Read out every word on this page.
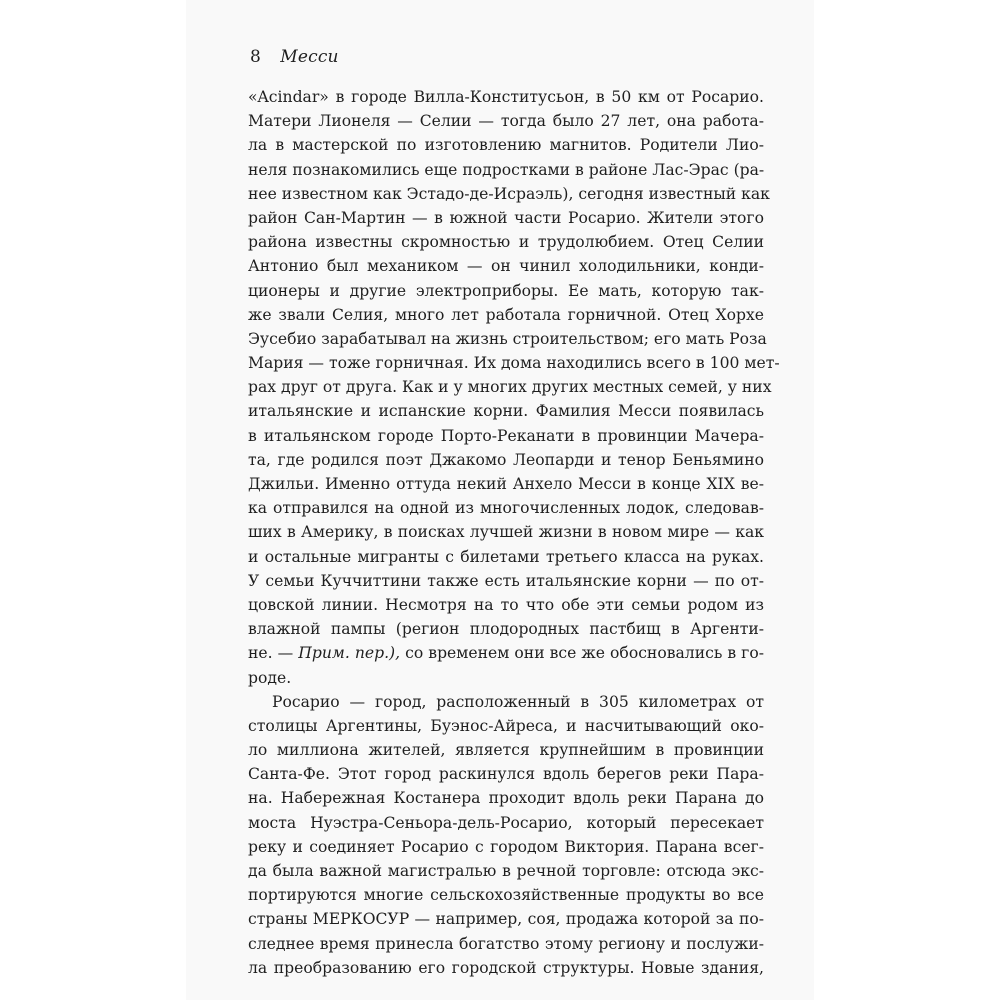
8 Месси
«Acindar» в городе Вилла-Конститусьон, в 50 км от Росарио.
Матери Лионеля — Селии — тогда было 27 лет, она работа-
ла в мастерской по изготовлению магнитов. Родители Лио-
неля познакомились еще подростками в районе Лас-Эрас (ра-
нее известном как Эстадо-де-Исраэль), сегодня известный как
район Сан-Мартин — в южной части Росарио. Жители этого
района известны скромностью и трудолюбием. Отец Селии
Антонио был механиком — он чинил холодильники, конди-
ционеры и другие электроприборы. Ее мать, которую так-
же звали Селия, много лет работала горничной. Отец Хорхе
Эусебио зарабатывал на жизнь строительством; его мать Роза
Мария — тоже горничная. Их дома находились всего в 100 мет-
рах друг от друга. Как и у многих других местных семей, у них
итальянские и испанские корни. Фамилия Месси появилась
в итальянском городе Порто-Реканати в провинции Мачера-
та, где родился поэт Джакомо Леопарди и тенор Беньямино
Джильи. Именно оттуда некий Анхело Месси в конце XIX ве-
ка отправился на одной из многочисленных лодок, следовав-
ших в Америку, в поисках лучшей жизни в новом мире — как
и остальные мигранты с билетами третьего класса на руках.
У семьи Куччиттини также есть итальянские корни — по от-
цовской линии. Несмотря на то что обе эти семьи родом из
влажной пампы (регион плодородных пастбищ в Аргенти-
не. — Прим. пер.), со временем они все же обосновались в го-
роде.
Росарио — город, расположенный в 305 километрах от
столицы Аргентины, Буэнос-Айреса, и насчитывающий око-
ло миллиона жителей, является крупнейшим в провинции
Санта-Фе. Этот город раскинулся вдоль берегов реки Пара-
на. Набережная Костанера проходит вдоль реки Парана до
моста Нуэстра-Сеньора-дель-Росарио, который пересекает
реку и соединяет Росарио с городом Виктория. Парана всег-
да была важной магистралью в речной торговле: отсюда экс-
портируются многие сельскохозяйственные продукты во все
страны МЕРКОСУР — например, соя, продажа которой за по-
следнее время принесла богатство этому региону и послужи-
ла преобразованию его городской структуры. Новые здания,
